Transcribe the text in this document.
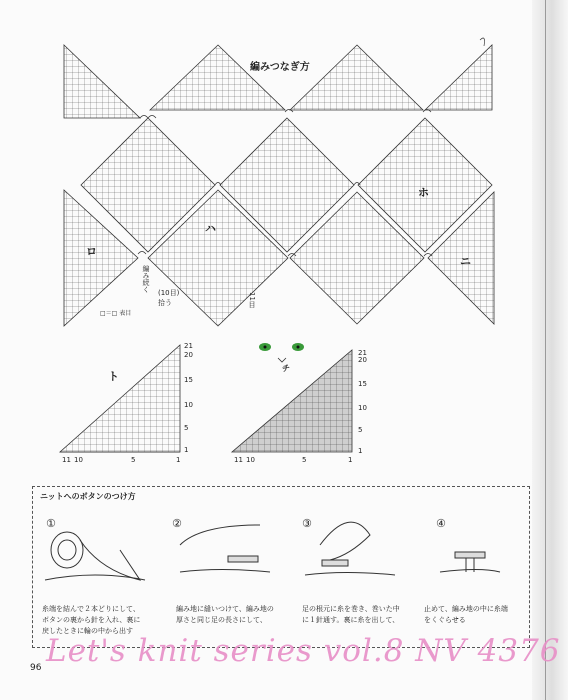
編みつなぎ方
ロ
ハ
ホ
ニ
ト
チ
編み続く (10目)
拾う	11目
□＝□ 表目
21
20
15
10
5
1
11 10	5	1
21
20
15
10
5
1
11 10	5	1
ニットへのボタンのつけ方
①	②	③	④
糸端を結んで２本どりにして、
ボタンの裏から針を入れ、裏に
戻したときに輪の中から出す
編み地に縫いつけて、編み地の
厚さと同じ足の長さにして、
足の根元に糸を巻き、巻いた中
に１針通す。裏に糸を出して、
止めて、編み地の中に糸端
をくぐらせる
96 Let's knit series vol.8 NV 4376
